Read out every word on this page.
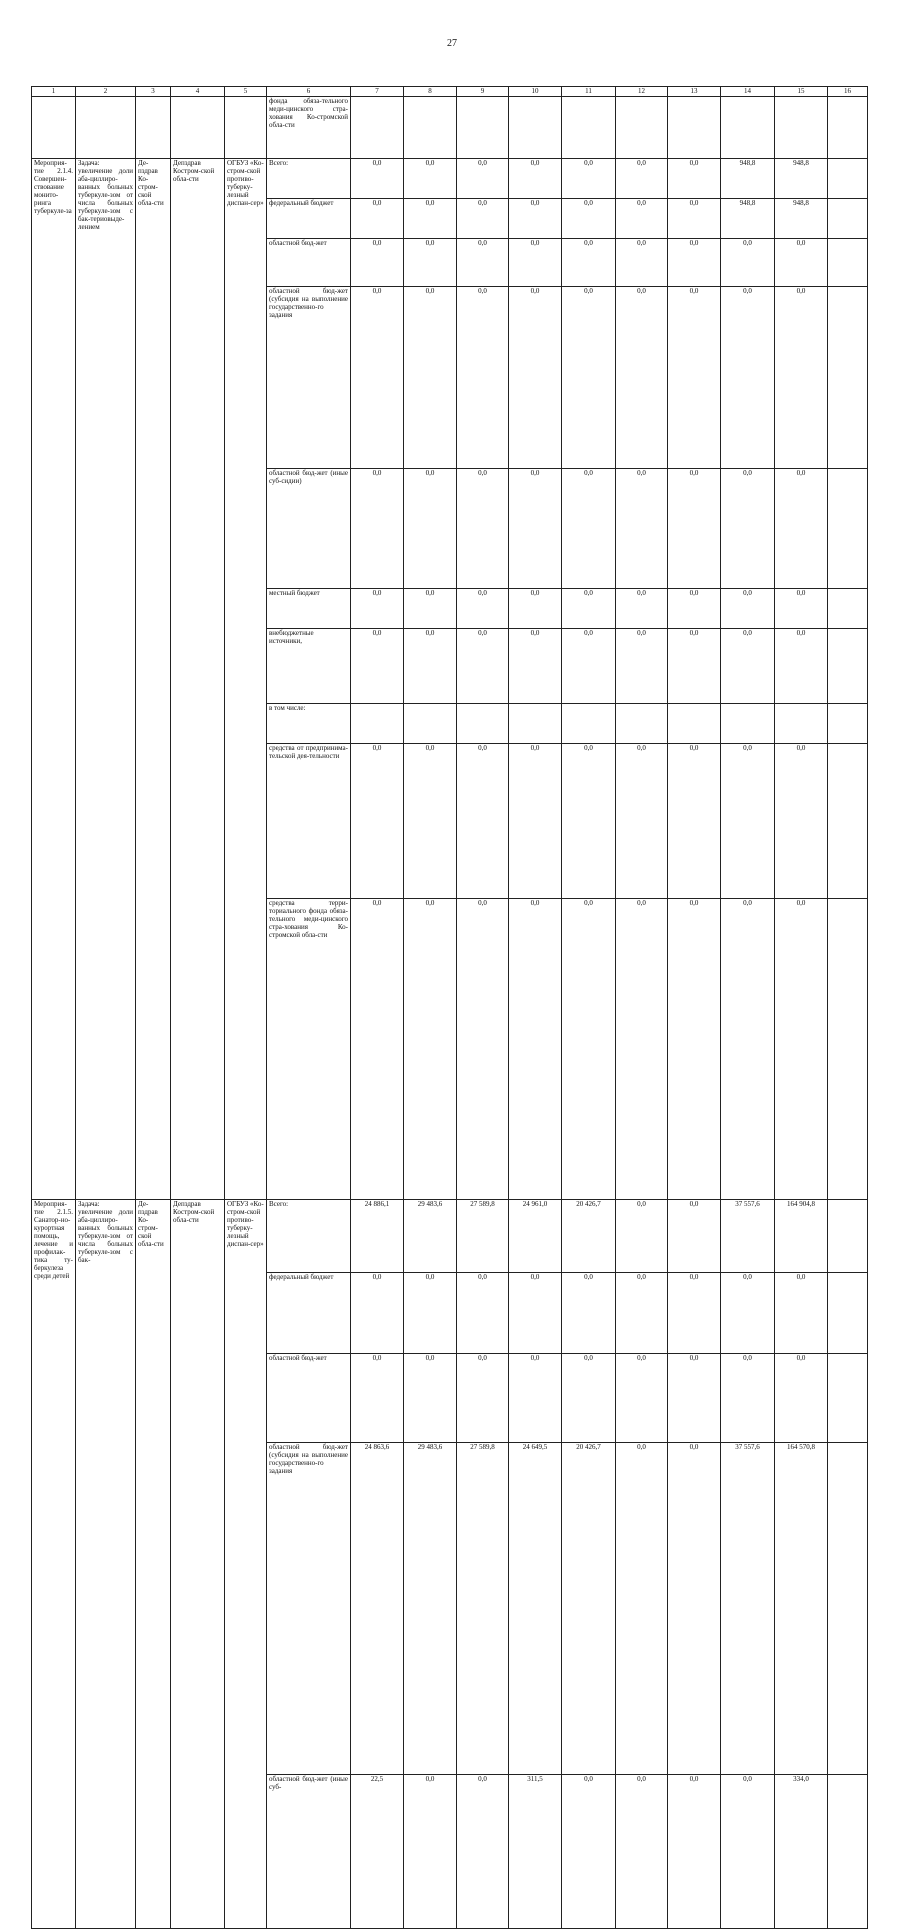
27
1	2	3	4	5	6	7	8	9	10	11	12	13	14	15	16	
					фонда обяза-тельного меди-цинского стра-хования Ко-стромской обла-сти											
Мероприя-тие 2.1.4. Совершен-ствование монито-ринга туберкуле-за	Задача: увеличение доли аба-циллиро-ванных больных туберкуле-зом от числа больных туберкуле-зом с бак-териовыде-лением	Де-пздрав Ко-стром-ской обла-сти	Депздрав Костром-ской обла-сти	ОГБУЗ «Ко-стром-ской противо-туберку-лезный диспан-сер»	Всего:	0,0	0,0	0,0	0,0	0,0	0,0	0,0	948,8	948,8		
					федеральный бюджет	0,0	0,0	0,0	0,0	0,0	0,0	0,0	948,8	948,8		
					областной бюд-жет	0,0	0,0	0,0	0,0	0,0	0,0	0,0	0,0	0,0		
					областной бюд-жет (субсидия на выполнение государственно-го задания	0,0	0,0	0,0	0,0	0,0	0,0	0,0	0,0	0,0		
					областной бюд-жет (иные суб-сидии)	0,0	0,0	0,0	0,0	0,0	0,0	0,0	0,0	0,0		
					местный бюджет	0,0	0,0	0,0	0,0	0,0	0,0	0,0	0,0	0,0		
					внебюджетные источники,	0,0	0,0	0,0	0,0	0,0	0,0	0,0	0,0	0,0		
					в том числе:											
					средства от предпринима-тельской дея-тельности	0,0	0,0	0,0	0,0	0,0	0,0	0,0	0,0	0,0		
					средства терри-ториального фонда обяза-тельного меди-цинского стра-хования Ко-стромской обла-сти	0,0	0,0	0,0	0,0	0,0	0,0	0,0	0,0	0,0		
Мероприя-тие 2.1.5. Санатор-но-курортная помощь, лечение и профилак-тика ту-беркулеза среди детей	Задача: увеличение доли аба-циллиро-ванных больных туберкуле-зом от числа больных туберкуле-зом с бак-	Де-пздрав Ко-стром-ской обла-сти	Депздрав Костром-ской обла-сти	ОГБУЗ «Ко-стром-ской противо-туберку-лезный диспан-сер»	Всего:	24 886,1	29 483,6	27 589,8	24 961,0	20 426,7	0,0	0,0	37 557,6	164 904,8		
					федеральный бюджет	0,0	0,0	0,0	0,0	0,0	0,0	0,0	0,0	0,0		
					областной бюд-жет	0,0	0,0	0,0	0,0	0,0	0,0	0,0	0,0	0,0		
					областной бюд-жет (субсидия на выполнение государственно-го задания	24 863,6	29 483,6	27 589,8	24 649,5	20 426,7	0,0	0,0	37 557,6	164 570,8		
					областной бюд-жет (иные суб-	22,5	0,0	0,0	311,5	0,0	0,0	0,0	0,0	334,0		
